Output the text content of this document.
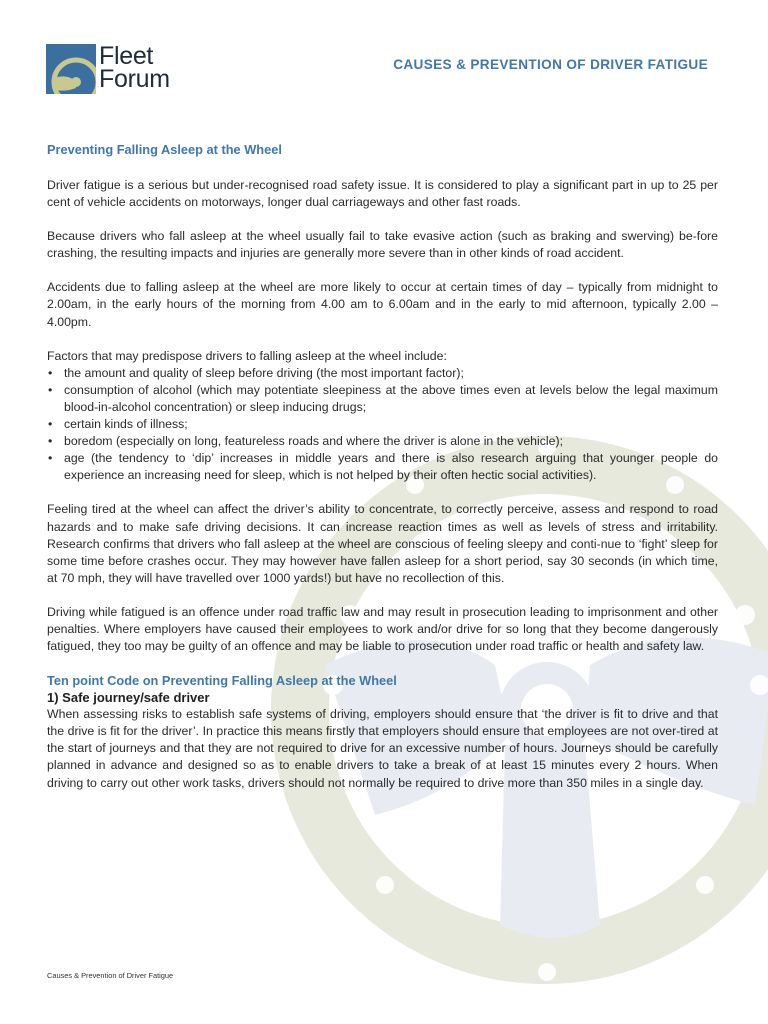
Fleet
Forum
CAUSES & PREVENTION OF DRIVER FATIGUE
Preventing Falling Asleep at the Wheel

Driver fatigue is a serious but under-recognised road safety issue. It is considered to play a significant part in up to 25 per cent of vehicle accidents on motorways, longer dual carriageways and other fast roads.

Because drivers who fall asleep at the wheel usually fail to take evasive action (such as braking and swerving) be-fore crashing, the resulting impacts and injuries are generally more severe than in other kinds of road accident.

Accidents due to falling asleep at the wheel are more likely to occur at certain times of day – typically from midnight to 2.00am, in the early hours of the morning from 4.00 am to 6.00am and in the early to mid afternoon, typically 2.00 – 4.00pm.

Factors that may predispose drivers to falling asleep at the wheel include:

• the amount and quality of sleep before driving (the most important factor);
• consumption of alcohol (which may potentiate sleepiness at the above times even at levels below the legal maximum blood-in-alcohol concentration) or sleep inducing drugs;
• certain kinds of illness;
• boredom (especially on long, featureless roads and where the driver is alone in the vehicle);
• age (the tendency to ‘dip’ increases in middle years and there is also research arguing that younger people do experience an increasing need for sleep, which is not helped by their often hectic social activities).

Feeling tired at the wheel can affect the driver’s ability to concentrate, to correctly perceive, assess and respond to road hazards and to make safe driving decisions. It can increase reaction times as well as levels of stress and irritability. Research confirms that drivers who fall asleep at the wheel are conscious of feeling sleepy and conti-nue to ‘fight’ sleep for some time before crashes occur. They may however have fallen asleep for a short period, say 30 seconds (in which time, at 70 mph, they will have travelled over 1000 yards!) but have no recollection of this.

Driving while fatigued is an offence under road traffic law and may result in prosecution leading to imprisonment and other penalties. Where employers have caused their employees to work and/or drive for so long that they become dangerously fatigued, they too may be guilty of an offence and may be liable to prosecution under road traffic or health and safety law.

Ten point Code on Preventing Falling Asleep at the Wheel
1) Safe journey/safe driver

When assessing risks to establish safe systems of driving, employers should ensure that ‘the driver is fit to drive and that the drive is fit for the driver’. In practice this means firstly that employers should ensure that employees are not over-tired at the start of journeys and that they are not required to drive for an excessive number of hours. Journeys should be carefully planned in advance and designed so as to enable drivers to take a break of at least 15 minutes every 2 hours. When driving to carry out other work tasks, drivers should not normally be required to drive more than 350 miles in a single day.

Causes & Prevention of Driver Fatigue
